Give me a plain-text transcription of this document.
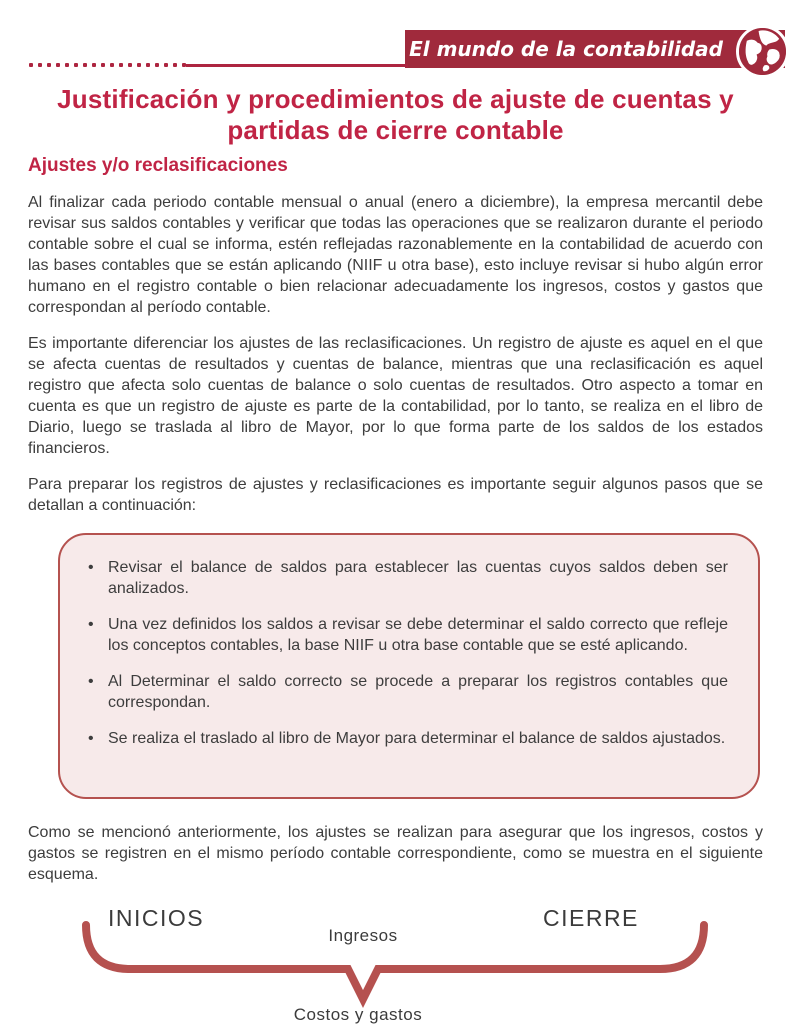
El mundo de la contabilidad
Justificación y procedimientos de ajuste de cuentas y partidas de cierre contable
Ajustes y/o reclasificaciones

Al finalizar cada periodo contable mensual o anual (enero a diciembre), la empresa mercantil debe revisar sus saldos contables y verificar que todas las operaciones que se realizaron durante el periodo contable sobre el cual se informa, estén reflejadas razonablemente en la contabilidad de acuerdo con las bases contables que se están aplicando (NIIF u otra base), esto incluye revisar si hubo algún error humano en el registro contable o bien relacionar adecuadamente los ingresos, costos y gastos que correspondan al período contable.

Es importante diferenciar los ajustes de las reclasificaciones. Un registro de ajuste es aquel en el que se afecta cuentas de resultados y cuentas de balance, mientras que una reclasificación es aquel registro que afecta solo cuentas de balance o solo cuentas de resultados. Otro aspecto a tomar en cuenta es que un registro de ajuste es parte de la contabilidad, por lo tanto, se realiza en el libro de Diario, luego se traslada al libro de Mayor, por lo que forma parte de los saldos de los estados financieros.

Para preparar los registros de ajustes y reclasificaciones es importante seguir algunos pasos que se detallan a continuación:

• Revisar el balance de saldos para establecer las cuentas cuyos saldos deben ser analizados.
• Una vez definidos los saldos a revisar se debe determinar el saldo correcto que refleje los conceptos contables, la base NIIF u otra base contable que se esté aplicando.
• Al Determinar el saldo correcto se procede a preparar los registros contables que correspondan.
• Se realiza el traslado al libro de Mayor para determinar el balance de saldos ajustados.

Como se mencionó anteriormente, los ajustes se realizan para asegurar que los ingresos, costos y gastos se registren en el mismo período contable correspondiente, como se muestra en el siguiente esquema.

INICIOS	CIERRE
Ingresos
Costos y gastos
